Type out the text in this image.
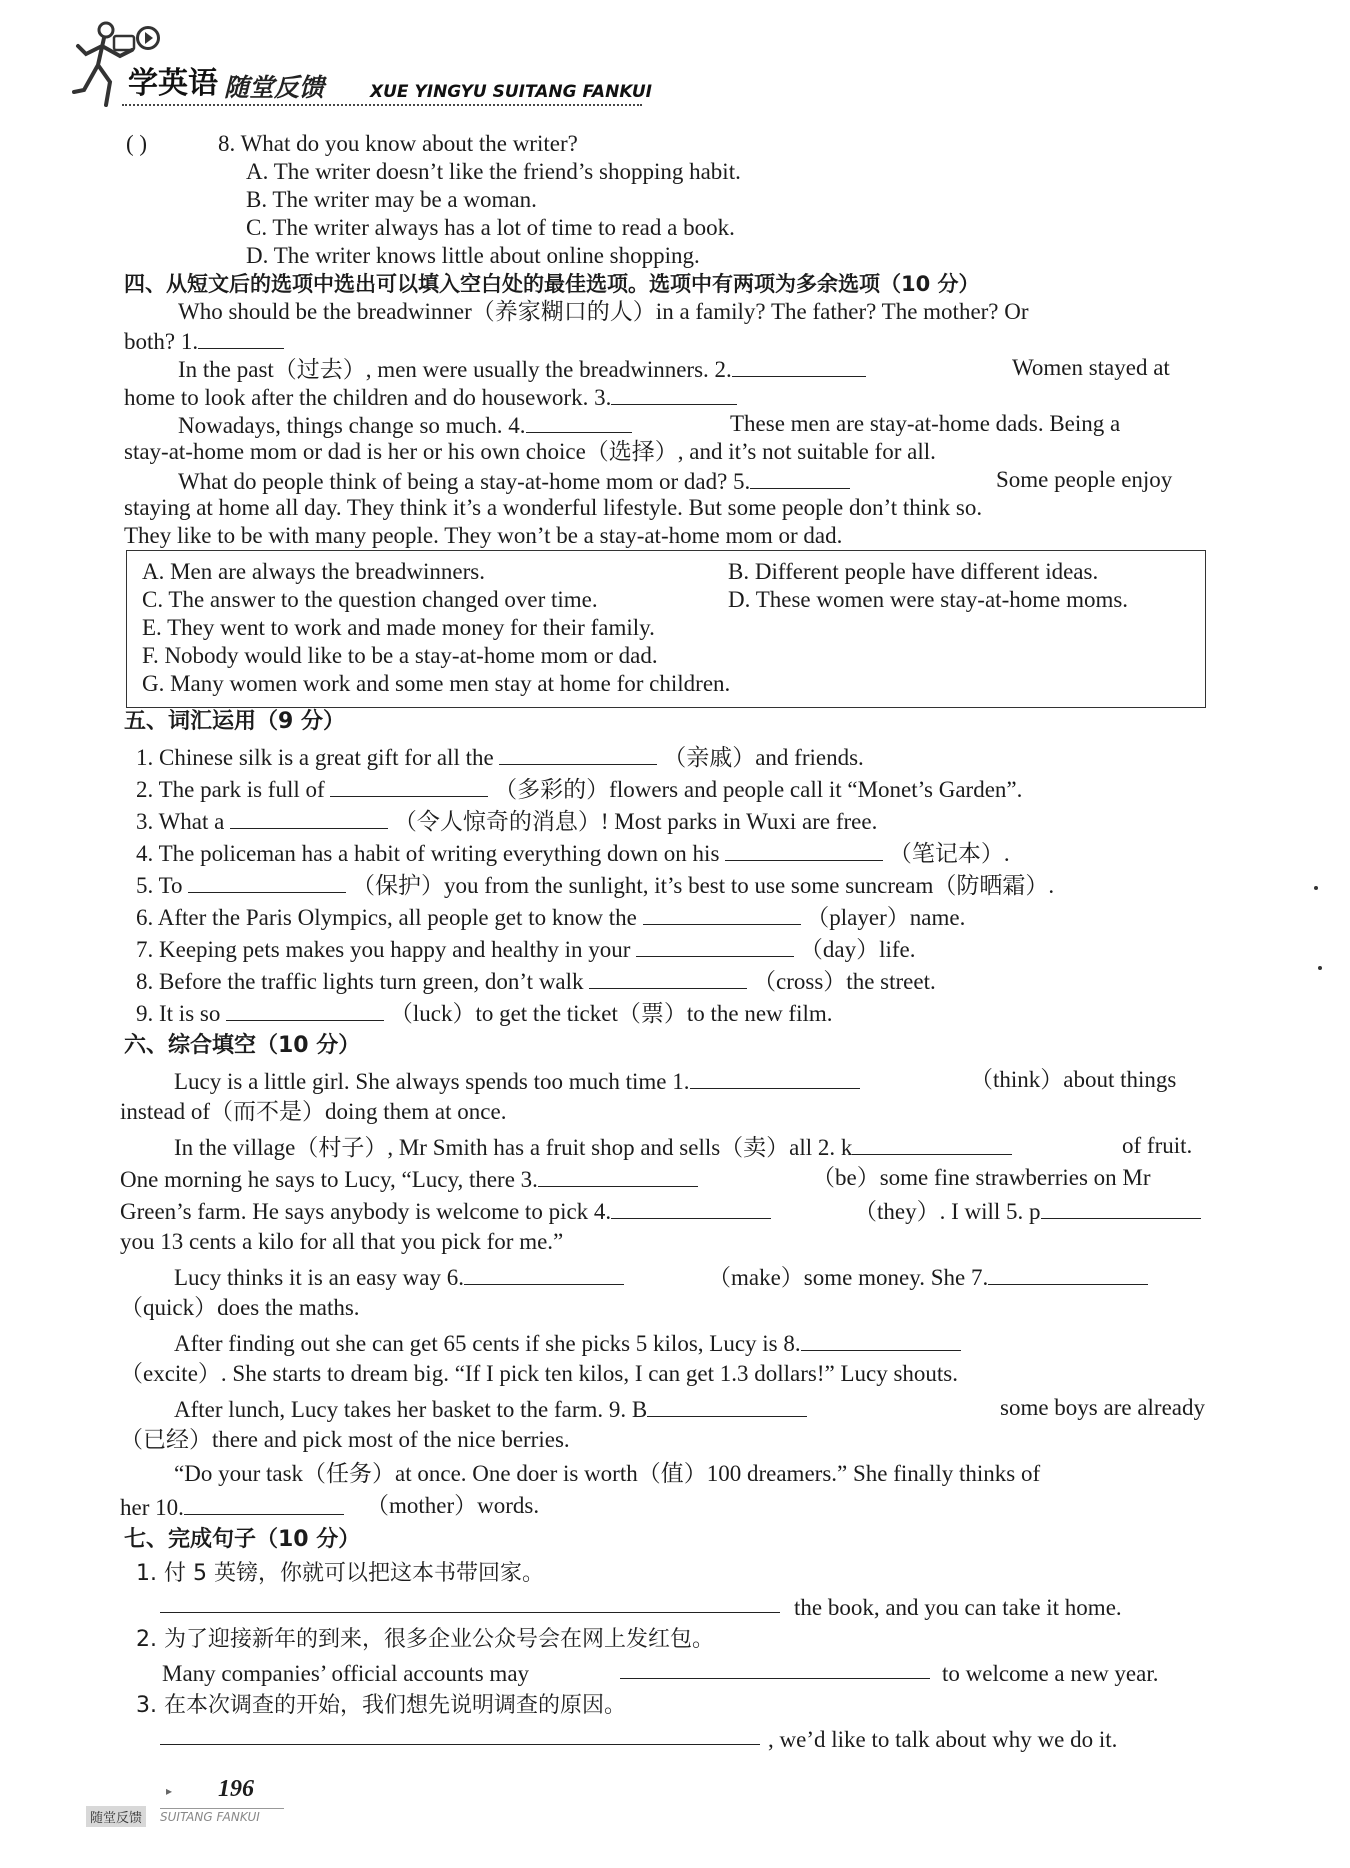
学英语 随堂反馈	XUE YINGYU SUITANG FANKUI
( )	8. What do you know about the writer?
A. The writer doesn’t like the friend’s shopping habit.
B. The writer may be a woman.
C. The writer always has a lot of time to read a book.
D. The writer knows little about online shopping.
四、从短文后的选项中选出可以填入空白处的最佳选项。选项中有两项为多余选项（10 分）
Who should be the breadwinner（养家糊口的人）in a family? The father? The mother? Or
both? 1.
In the past（过去）, men were usually the breadwinners. 2.	Women stayed at
home to look after the children and do housework. 3.
Nowadays, things change so much. 4.	These men are stay-at-home dads. Being a
stay-at-home mom or dad is her or his own choice（选择）, and it’s not suitable for all.
What do people think of being a stay-at-home mom or dad? 5.	Some people enjoy
staying at home all day. They think it’s a wonderful lifestyle. But some people don’t think so.
They like to be with many people. They won’t be a stay-at-home mom or dad.
A. Men are always the breadwinners.	B. Different people have different ideas.
C. The answer to the question changed over time.	D. These women were stay-at-home moms.
E. They went to work and made money for their family.
F. Nobody would like to be a stay-at-home mom or dad.
G. Many women work and some men stay at home for children.
五、词汇运用（9 分）
1. Chinese silk is a great gift for all the	（亲戚）and friends.
2. The park is full of	（多彩的）flowers and people call it “Monet’s Garden”.
3. What a	（令人惊奇的消息）! Most parks in Wuxi are free.
4. The policeman has a habit of writing everything down on his	（笔记本）.
5. To	（保护）you from the sunlight, it’s best to use some suncream（防晒霜）.
6. After the Paris Olympics, all people get to know the	（player）name.
7. Keeping pets makes you happy and healthy in your	（day）life.
8. Before the traffic lights turn green, don’t walk	（cross）the street.
9. It is so	（luck）to get the ticket（票）to the new film.
六、综合填空（10 分）
Lucy is a little girl. She always spends too much time 1.	（think）about things
instead of（而不是）doing them at once.
In the village（村子）, Mr Smith has a fruit shop and sells（卖）all 2. k	of fruit.
One morning he says to Lucy, “Lucy, there 3.	（be）some fine strawberries on Mr
Green’s farm. He says anybody is welcome to pick 4.	（they）. I will 5. p
you 13 cents a kilo for all that you pick for me.”
Lucy thinks it is an easy way 6.	（make）some money. She 7.
（quick）does the maths.
After finding out she can get 65 cents if she picks 5 kilos, Lucy is 8.
（excite）. She starts to dream big. “If I pick ten kilos, I can get 1.3 dollars!” Lucy shouts.
After lunch, Lucy takes her basket to the farm. 9. B	some boys are already
（已经）there and pick most of the nice berries.
“Do your task（任务）at once. One doer is worth（值）100 dreamers.” She finally thinks of
her 10.	（mother）words.
七、完成句子（10 分）
1. 付 5 英镑，你就可以把这本书带回家。
the book, and you can take it home.
2. 为了迎接新年的到来，很多企业公众号会在网上发红包。
Many companies’ official accounts may	to welcome a new year.
3. 在本次调查的开始，我们想先说明调查的原因。
, we’d like to talk about why we do it.
▸ 196
随堂反馈	SUITANG FANKUI
